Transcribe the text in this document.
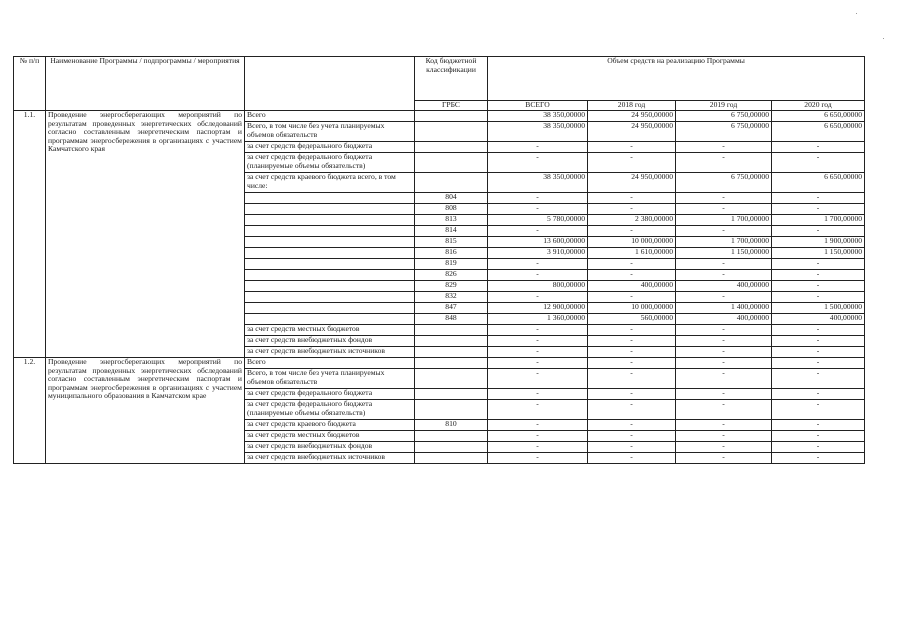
№ п/п	Наименование Программы / подпрограммы / мероприятия		Код бюджетной классификации	Объем средств на реализацию Программы			
			ГРБС	ВСЕГО	2018 год	2019 год	2020 год
1.1.	Проведение энергосберегающих мероприятий по результатам проведенных энергетических обследований согласно составленным энергетическим паспортам и программам энергосбережения в организациях с участием Камчатского края	Всего		38 350,00000	24 950,00000	6 750,00000	6 650,00000
		Всего, в том числе без учета планируемых объемов обязательств		38 350,00000	24 950,00000	6 750,00000	6 650,00000
		за счет средств федерального бюджета		-	-	-	-
		за счет средств федерального бюджета (планируемые объемы обязательств)		-	-	-	-
		за счет средств краевого бюджета всего, в том числе:		38 350,00000	24 950,00000	6 750,00000	6 650,00000
			804	-	-	-	-
			808	-	-	-	-
			813	5 780,00000	2 380,00000	1 700,00000	1 700,00000
			814	-	-	-	-
			815	13 600,00000	10 000,00000	1 700,00000	1 900,00000
			816	3 910,00000	1 610,00000	1 150,00000	1 150,00000
			819	-	-	-	-
			826	-	-	-	-
			829	800,00000	400,00000	400,00000	-
			832	-	-	-	-
			847	12 900,00000	10 000,00000	1 400,00000	1 500,00000
			848	1 360,00000	560,00000	400,00000	400,00000
		за счет средств местных бюджетов		-	-	-	-
		за счет средств внебюджетных фондов		-	-	-	-
		за счет средств внебюджетных источников		-	-	-	-
1.2.	Проведение энергосберегающих мероприятий по результатам проведенных энергетических обследований согласно составленным энергетическим паспортам и программам энергосбережения в организациях с участием муниципального образования в Камчатском крае	Всего		-	-	-	-
		Всего, в том числе без учета планируемых объемов обязательств		-	-	-	-
		за счет средств федерального бюджета		-	-	-	-
		за счет средств федерального бюджета (планируемые объемы обязательств)		-	-	-	-
		за счет средств краевого бюджета	810	-	-	-	-
		за счет средств местных бюджетов		-	-	-	-
		за счет средств внебюджетных фондов		-	-	-	-
		за счет средств внебюджетных источников		-	-	-	-
